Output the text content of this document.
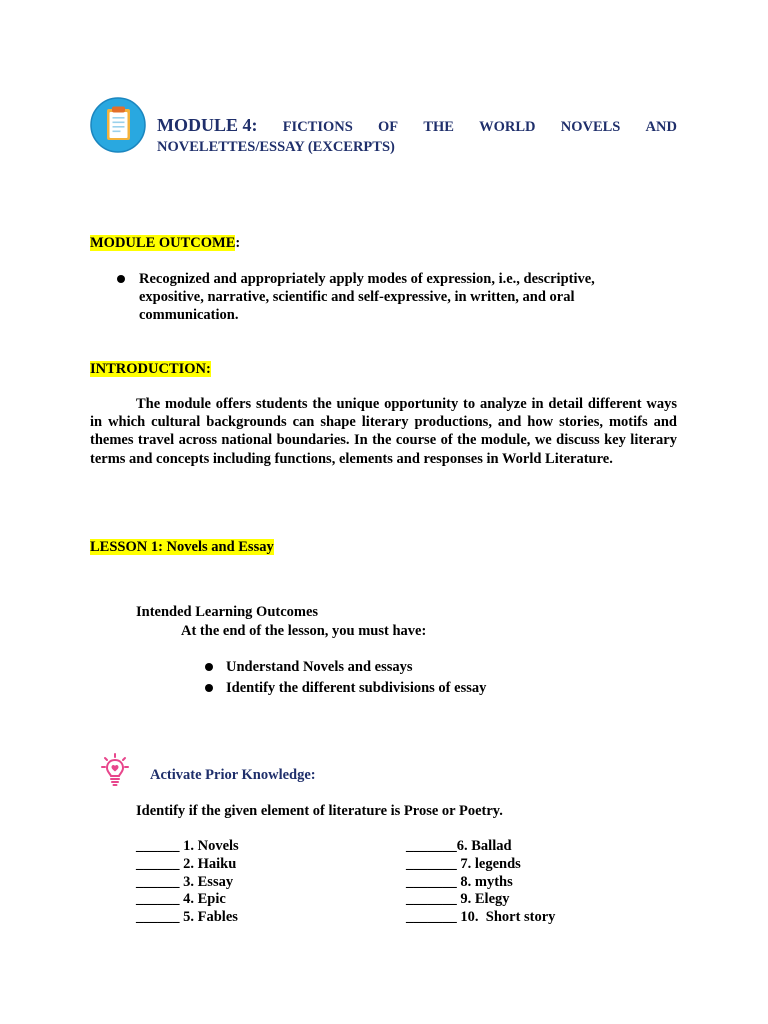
MODULE 4: FICTIONS OF THE WORLD NOVELS AND
NOVELETTES/ESSAY (EXCERPTS)
MODULE OUTCOME:
Recognized and appropriately apply modes of expression, i.e., descriptive,
expositive, narrative, scientific and self-expressive, in written, and oral
communication.
INTRODUCTION:

The module offers students the unique opportunity to analyze in detail different ways in which cultural backgrounds can shape literary productions, and how stories, motifs and themes travel across national boundaries. In the course of the module, we discuss key literary terms and concepts including functions, elements and responses in World Literature.

LESSON 1: Novels and Essay
Intended Learning Outcomes
At the end of the lesson, you must have:
Understand Novels and essays
Identify the different subdivisions of essay
Activate Prior Knowledge:
Identify if the given element of literature is Prose or Poetry.
______ 1. Novels
______ 2. Haiku
______ 3. Essay
______ 4. Epic
______ 5. Fables
_______6. Ballad
_______ 7. legends
_______ 8. myths
_______ 9. Elegy
_______ 10.  Short story
